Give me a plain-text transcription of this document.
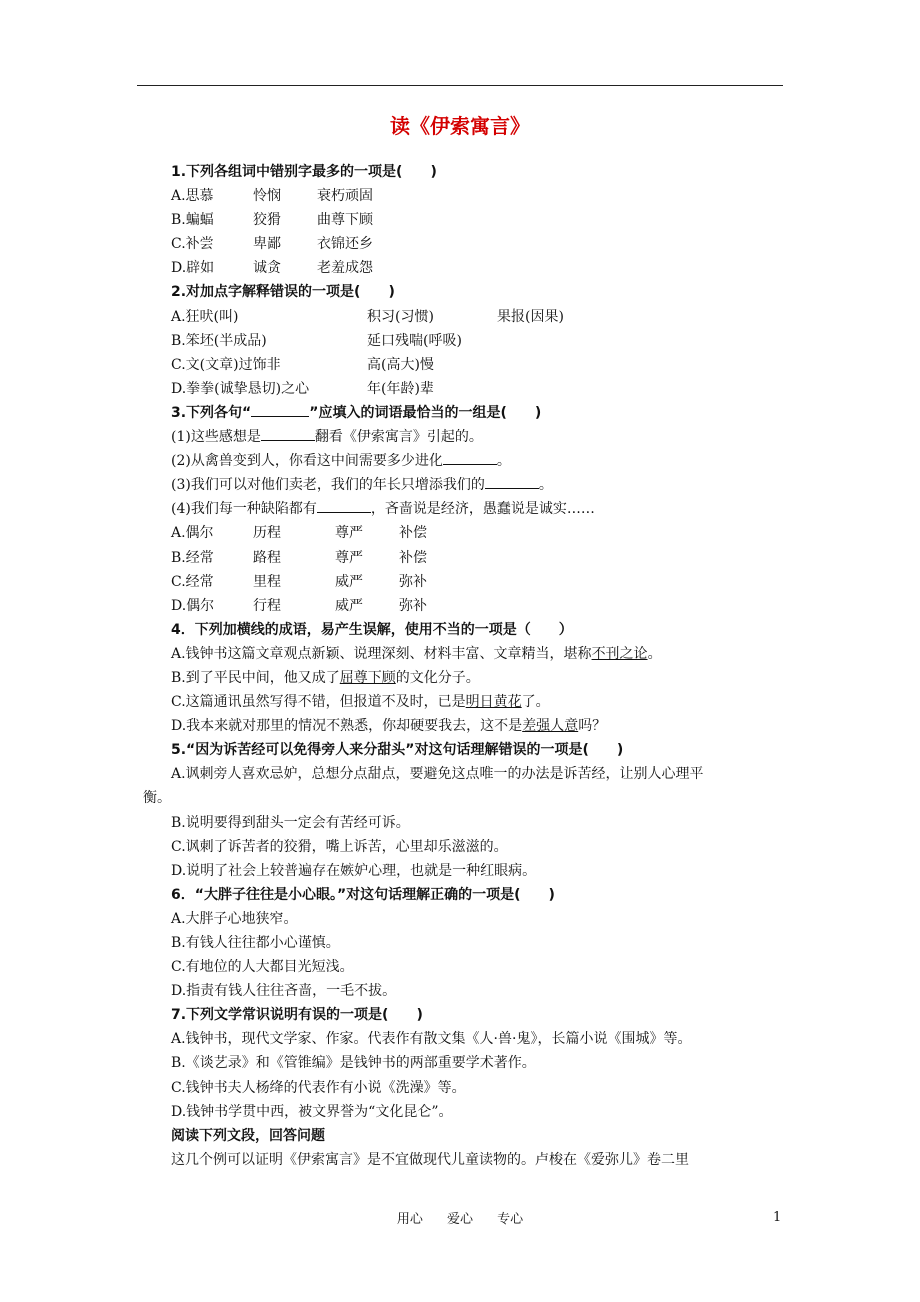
读《伊索寓言》
1.下列各组词中错别字最多的一项是(　　)
A.思慕	怜悯	衰朽顽固
B.蝙蝠	狡猾	曲尊下顾
C.补尝	卑鄙	衣锦还乡
D.辟如	诚贪	老羞成怨
2.对加点字解释错误的一项是(　　)
A.狂吠(叫)	积习(习惯)	果报(因果)
B.笨坯(半成品)	延口残喘(呼吸)
C.文(文章)过饰非	高(高大)慢
D.拳拳(诚挚恳切)之心	年(年龄)辈
3.下列各句“	”应填入的词语最恰当的一组是(　　)
(1)这些感想是	翻看《伊索寓言》引起的。
(2)从禽兽变到人，你看这中间需要多少进化	。
(3)我们可以对他们卖老，我们的年长只增添我们的	。
(4)我们每一种缺陷都有	，吝啬说是经济，愚蠢说是诚实……
A.偶尔	历程	尊严	补偿
B.经常	路程	尊严	补偿
C.经常	里程	威严	弥补
D.偶尔	行程	威严	弥补
4．下列加横线的成语，易产生误解，使用不当的一项是（　　）
A.钱钟书这篇文章观点新颖、说理深刻、材料丰富、文章精当，堪称不刊之论。
B.到了平民中间，他又成了屈尊下顾的文化分子。
C.这篇通讯虽然写得不错，但报道不及时，已是明日黄花了。
D.我本来就对那里的情况不熟悉，你却硬要我去，这不是差强人意吗？
5.“因为诉苦经可以免得旁人来分甜头”对这句话理解错误的一项是(　　)
A.讽刺旁人喜欢忌妒，总想分点甜点，要避免这点唯一的办法是诉苦经，让别人心理平
衡。
B.说明要得到甜头一定会有苦经可诉。
C.讽刺了诉苦者的狡猾，嘴上诉苦，心里却乐滋滋的。
D.说明了社会上较普遍存在嫉妒心理，也就是一种红眼病。
6．“大胖子往往是小心眼。”对这句话理解正确的一项是(　　)
A.大胖子心地狭窄。
B.有钱人往往都小心谨慎。
C.有地位的人大都目光短浅。
D.指责有钱人往往吝啬，一毛不拔。
7.下列文学常识说明有误的一项是(　　)
A.钱钟书，现代文学家、作家。代表作有散文集《人·兽·鬼》，长篇小说《围城》等。
B.《谈艺录》和《管锥编》是钱钟书的两部重要学术著作。
C.钱钟书夫人杨绛的代表作有小说《洗澡》等。
D.钱钟书学贯中西，被文界誉为“文化昆仑”。
阅读下列文段，回答问题
这几个例可以证明《伊索寓言》是不宜做现代儿童读物的。卢梭在《爱弥儿》卷二里
用心 爱心 专心	1
